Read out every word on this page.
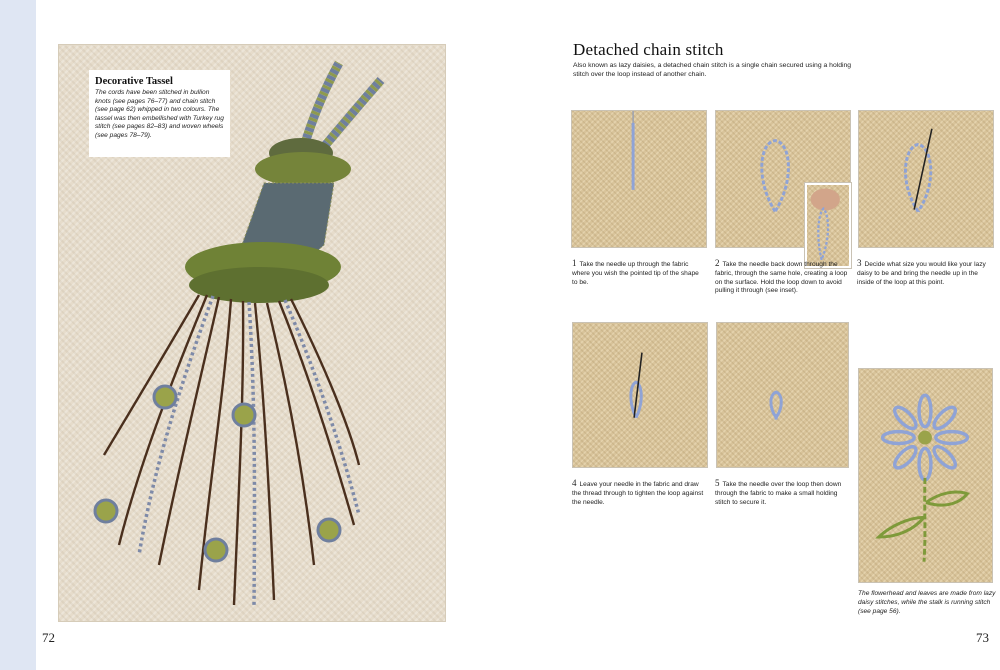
Decorative Tassel
The cords have been stitched in bullion knots (see pages 76–77) and chain stitch (see page 62) whipped in two colours. The tassel was then embellished with Turkey rug stitch (see pages 82–83) and woven wheels (see pages 78–79).
72
Detached chain stitch
Also known as lazy daisies, a detached chain stitch is a single chain secured using a holding stitch over the loop instead of another chain.
1 Take the needle up through the fabric where you wish the pointed tip of the shape to be.
2 Take the needle back down through the fabric, through the same hole, creating a loop on the surface. Hold the loop down to avoid pulling it through (see inset).
3 Decide what size you would like your lazy daisy to be and bring the needle up in the inside of the loop at this point.
4 Leave your needle in the fabric and draw the thread through to tighten the loop against the needle.
5 Take the needle over the loop then down through the fabric to make a small holding stitch to secure it.
The flowerhead and leaves are made from lazy daisy stitches, while the stalk is running stitch (see page 56).
73
